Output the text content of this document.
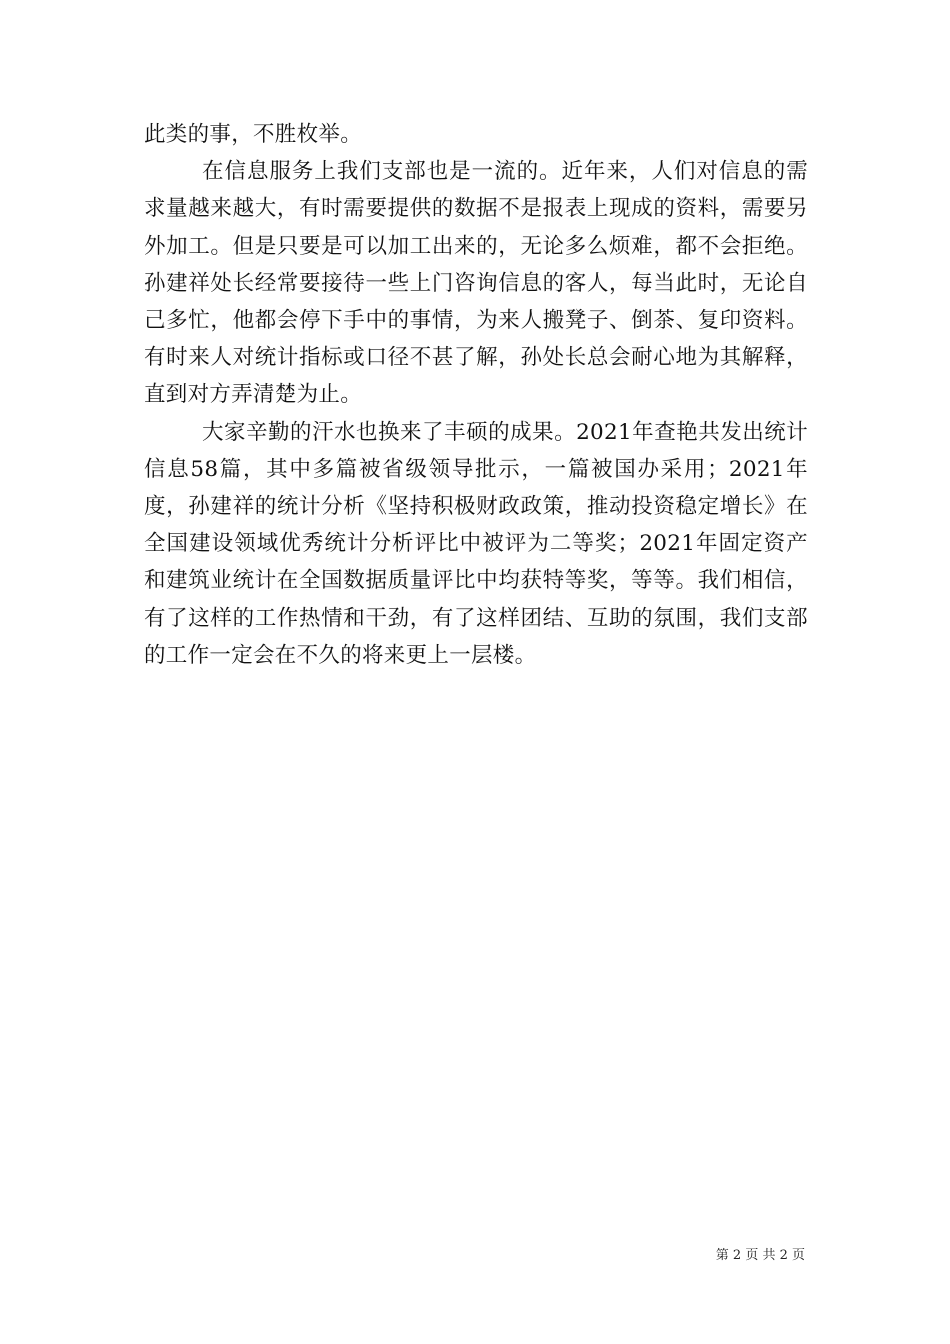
此类的事，不胜枚举。

在信息服务上我们支部也是一流的。近年来，人们对信息的需求量越来越大，有时需要提供的数据不是报表上现成的资料，需要另外加工。但是只要是可以加工出来的，无论多么烦难，都不会拒绝。孙建祥处长经常要接待一些上门咨询信息的客人，每当此时，无论自己多忙，他都会停下手中的事情，为来人搬凳子、倒茶、复印资料。有时来人对统计指标或口径不甚了解，孙处长总会耐心地为其解释，直到对方弄清楚为止。

大家辛勤的汗水也换来了丰硕的成果。2021年查艳共发出统计信息58篇，其中多篇被省级领导批示，一篇被国办采用；2021年度，孙建祥的统计分析《坚持积极财政政策，推动投资稳定增长》在全国建设领域优秀统计分析评比中被评为二等奖；2021年固定资产和建筑业统计在全国数据质量评比中均获特等奖，等等。我们相信，有了这样的工作热情和干劲，有了这样团结、互助的氛围，我们支部的工作一定会在不久的将来更上一层楼。

第 2 页 共 2 页
